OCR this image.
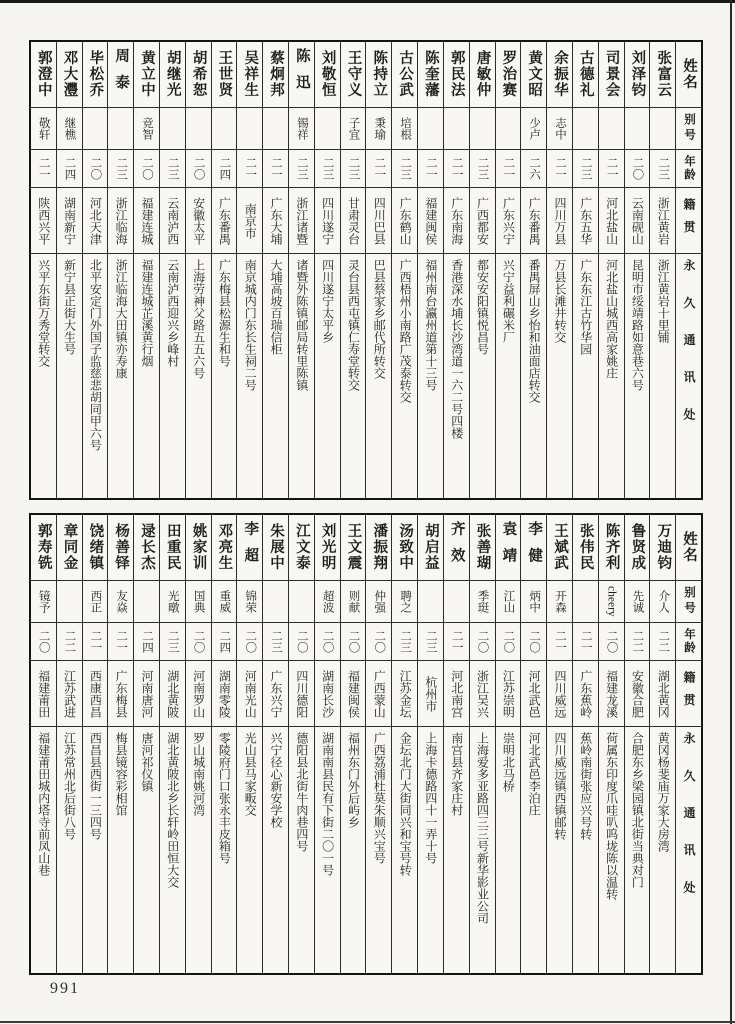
姓名
别号
年龄
籍贯
永久通讯处
张富云
二三
浙江黄岩
浙江黄岩十里铺
刘泽钧
二〇
云南砚山
昆明市绥靖路如意巷六号
司景会
二一
河北盐山
河北盐山城西高家姚庄
古德礼
二三
广东五华
广东东江古竹华园
余振华
志中
二一
四川万县
万县长滩井转交
黄文昭
少卢
二六
广东番禺
番禺屏山乡怡和油面店转交
罗治赛
二一
广东兴宁
兴宁益利碾米厂
唐敏仲
二三
广西都安
都安安阳镇悦昌号
郭民法
二一
广东南海
香港深水埔长沙湾道一六二号四楼
陈奎藩
二一
福建闽侯
福州南台瀛州道第十三号
古公武
培根
二三
广东鹤山
广西梧州小南路广茂泰转交
陈持立
秉瑜
二一
四川巴县
巴县蔡家乡邮代所转交
王守义
子宜
二三
甘肃灵台
灵台县西屯镇仁寿堂转交
刘敬恒
二三
四川遂宁
四川遂宁太平乡
陈迅
锡祥
二三
浙江诸暨
诸暨外陈镇邮局转里陈镇
蔡炯邦
二一
广东大埔
大埔高坡百瑞信柜
吴祥生
二一
南京市
南京城内门东长生祠二号
王世贤
二四
广东番禺
广东梅县松源生和号
胡希恕
二〇
安徽太平
上海劳神父路五五六号
胡继光
二三
云南泸西
云南泸西迎兴乡峰村
黄立中
竞智
二〇
福建连城
福建连城芷溪黄行烟
周泰
二三
浙江临海
浙江临海大田镇亦寿康
毕松乔
二〇
河北天津
北平安定门外国子监慈悲胡同甲六号
邓大灃
继樵
二四
湖南新宁
新宁县正街大生号
郭澄中
敬轩
二一
陕西兴平
兴平东街万秀堂转交
姓名
别号
年龄
籍贯
永久通讯处
万迪钧
介人
二二
湖北黄冈
黄冈杨斐庙万家大房湾
鲁贤成
先诚
二二
安徽合肥
合肥东乡梁园镇北街当典对门
陈齐利
cheery
二〇
福建龙溪
荷属东印度爪哇叭呜垅陈以温转
张伟民
二一
广东蕉岭
蕉岭南街张应兴号转
王斌武
开森
二一
四川威远
四川威远镇西镇邮转
李健
炳中
二〇
河北武邑
河北武邑李泊庄
袁靖
江山
二〇
江苏崇明
崇明北马桥
张善瑚
季珽
二〇
浙江吴兴
上海爱多亚路四三三号新华影业公司
齐效
二一
河北南宫
南宫县齐家庄村
胡启益
二三
杭州市
上海卡德路四十一弄十号
汤致中
聘之
二三
江苏金坛
金坛北门大街同兴和宝号转
潘振翔
仲强
二〇
广西蒙山
广西荔浦杜莫朱顺兴宝号
王文震
则献
二〇
福建闽侯
福州东门外后屿乡
刘光明
超波
二〇
湖南长沙
湖南南县民有下街二〇一号
江文泰
二〇
四川德阳
德阳县北街牛肉巷四号
朱展中
二三
广东兴宁
兴宁径心新安学校
李超
锦荣
二〇
河南光山
光山县马家畈交
邓亮生
重威
二四
湖南零陵
零陵府门口张永丰皮箱号
姚家训
国典
二〇
河南罗山
罗山城南姚河湾
田重民
光暾
二三
湖北黄陂
湖北黄陂北乡长轩岭田恒大交
逯长杰
二四
河南唐河
唐河祁仪镇
杨善铎
友焱
二一
广东梅县
梅县镜容彩相馆
饶绪镇
西正
二一
西康西昌
西昌县西街一三四号
章同金
二二
江苏武进
江苏常州北后街八号
郭寿铣
镜予
二〇
福建莆田
福建莆田城内塔寺前凤山巷
991
